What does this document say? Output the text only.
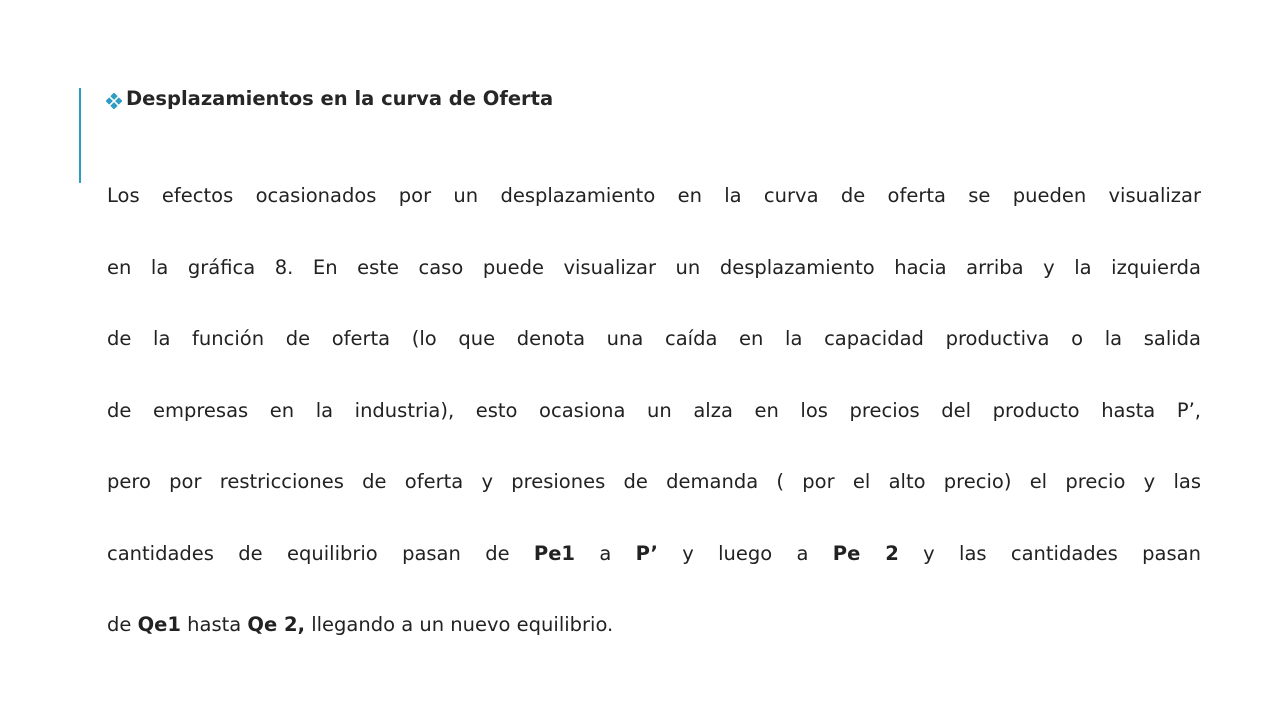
Desplazamientos en la curva de Oferta
Los efectos ocasionados por un desplazamiento en la curva de oferta se pueden visualizar
en la gráfica 8. En este caso puede visualizar un desplazamiento hacia arriba y la izquierda
de la función de oferta (lo que denota una caída en la capacidad productiva o la salida
de empresas en la industria), esto ocasiona un alza en los precios del producto hasta P’,
pero por restricciones de oferta y presiones de demanda ( por el alto precio) el precio y las
cantidades de equilibrio pasan de Pe1 a P’ y luego a Pe 2 y las cantidades pasan
de Qe1 hasta Qe 2, llegando a un nuevo equilibrio.
